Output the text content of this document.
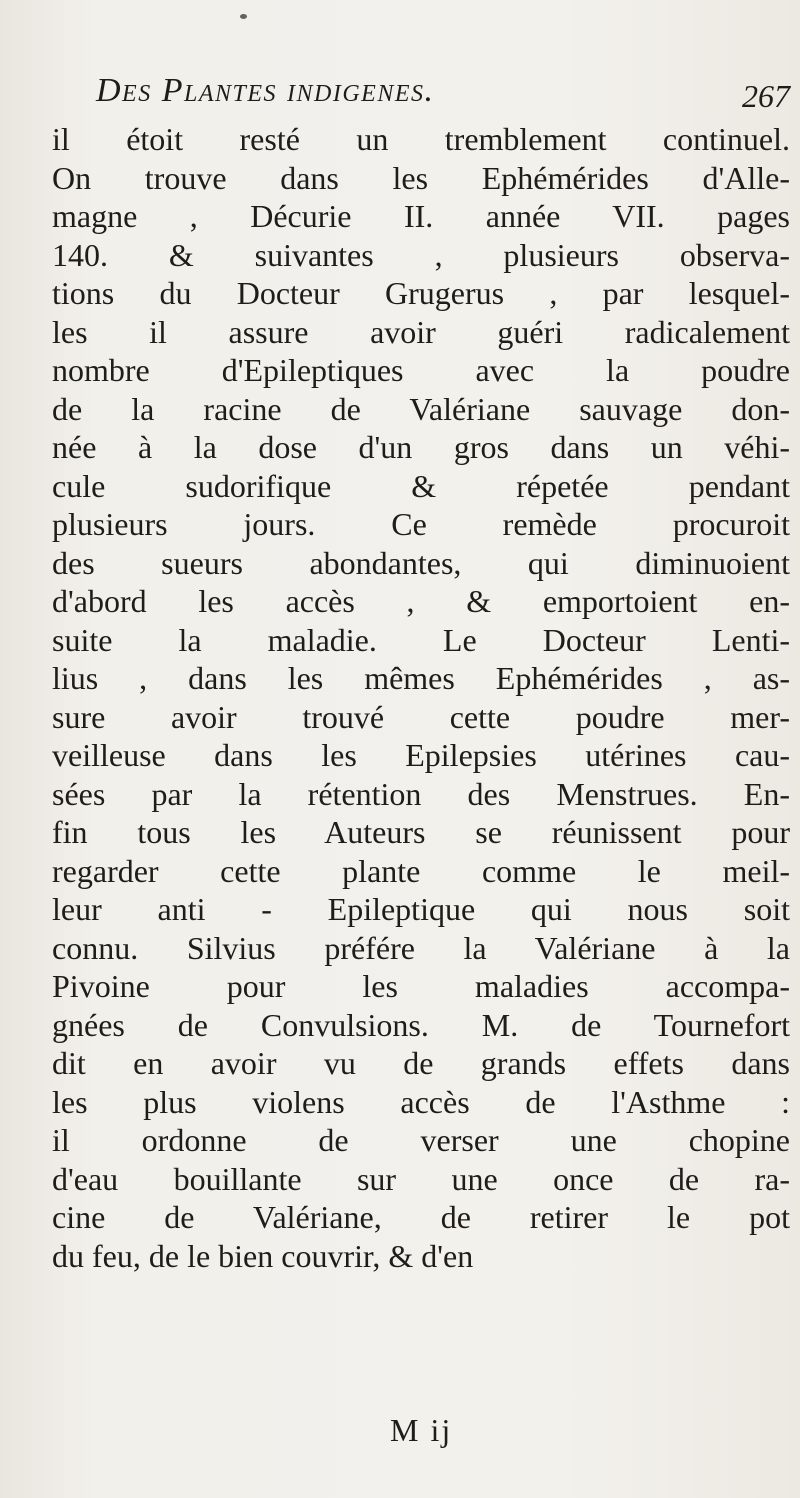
Des Plantes indigenes.	267
il étoit resté un tremblement continuel.
On trouve dans les Ephémérides d'Alle-
magne , Décurie II. année VII. pages
140. & suivantes , plusieurs observa-
tions du Docteur Grugerus , par lesquel-
les il assure avoir guéri radicalement
nombre d'Epileptiques avec la poudre
de la racine de Valériane sauvage don-
née à la dose d'un gros dans un véhi-
cule sudorifique & répetée pendant
plusieurs jours. Ce remède procuroit
des sueurs abondantes, qui diminuoient
d'abord les accès , & emportoient en-
suite la maladie. Le Docteur Lenti-
lius , dans les mêmes Ephémérides , as-
sure avoir trouvé cette poudre mer-
veilleuse dans les Epilepsies utérines cau-
sées par la rétention des Menstrues. En-
fin tous les Auteurs se réunissent pour
regarder cette plante comme le meil-
leur anti - Epileptique qui nous soit
connu. Silvius préfére la Valériane à la
Pivoine pour les maladies accompa-
gnées de Convulsions. M. de Tournefort
dit en avoir vu de grands effets dans
les plus violens accès de l'Asthme :
il ordonne de verser une chopine
d'eau bouillante sur une once de ra-
cine de Valériane, de retirer le pot
du feu, de le bien couvrir, & d'en
M ij
